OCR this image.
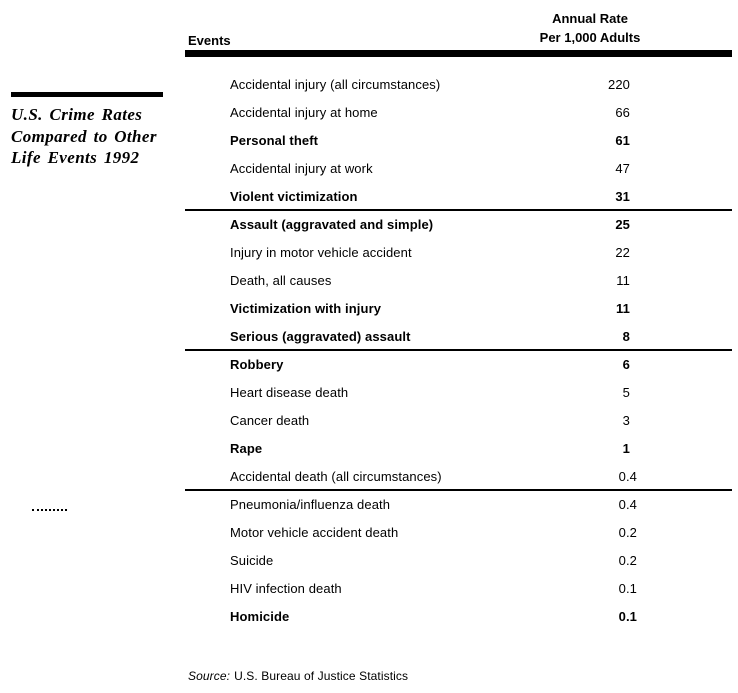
U.S. Crime Rates
Compared to Other
Life Events 1992
Events
Annual Rate
Per 1,000 Adults
Accidental injury (all circumstances)	220
Accidental injury at home	66
Personal theft	61
Accidental injury at work	47
Violent victimization	31
Assault (aggravated and simple)	25
Injury in motor vehicle accident	22
Death, all causes	11
Victimization with injury	11
Serious (aggravated) assault	8
Robbery	6
Heart disease death	5
Cancer death	3
Rape	1
Accidental death (all circumstances)	0.4
Pneumonia/influenza death	0.4
Motor vehicle accident death	0.2
Suicide	0.2
HIV infection death	0.1
Homicide	0.1
Source: U.S. Bureau of Justice Statistics
